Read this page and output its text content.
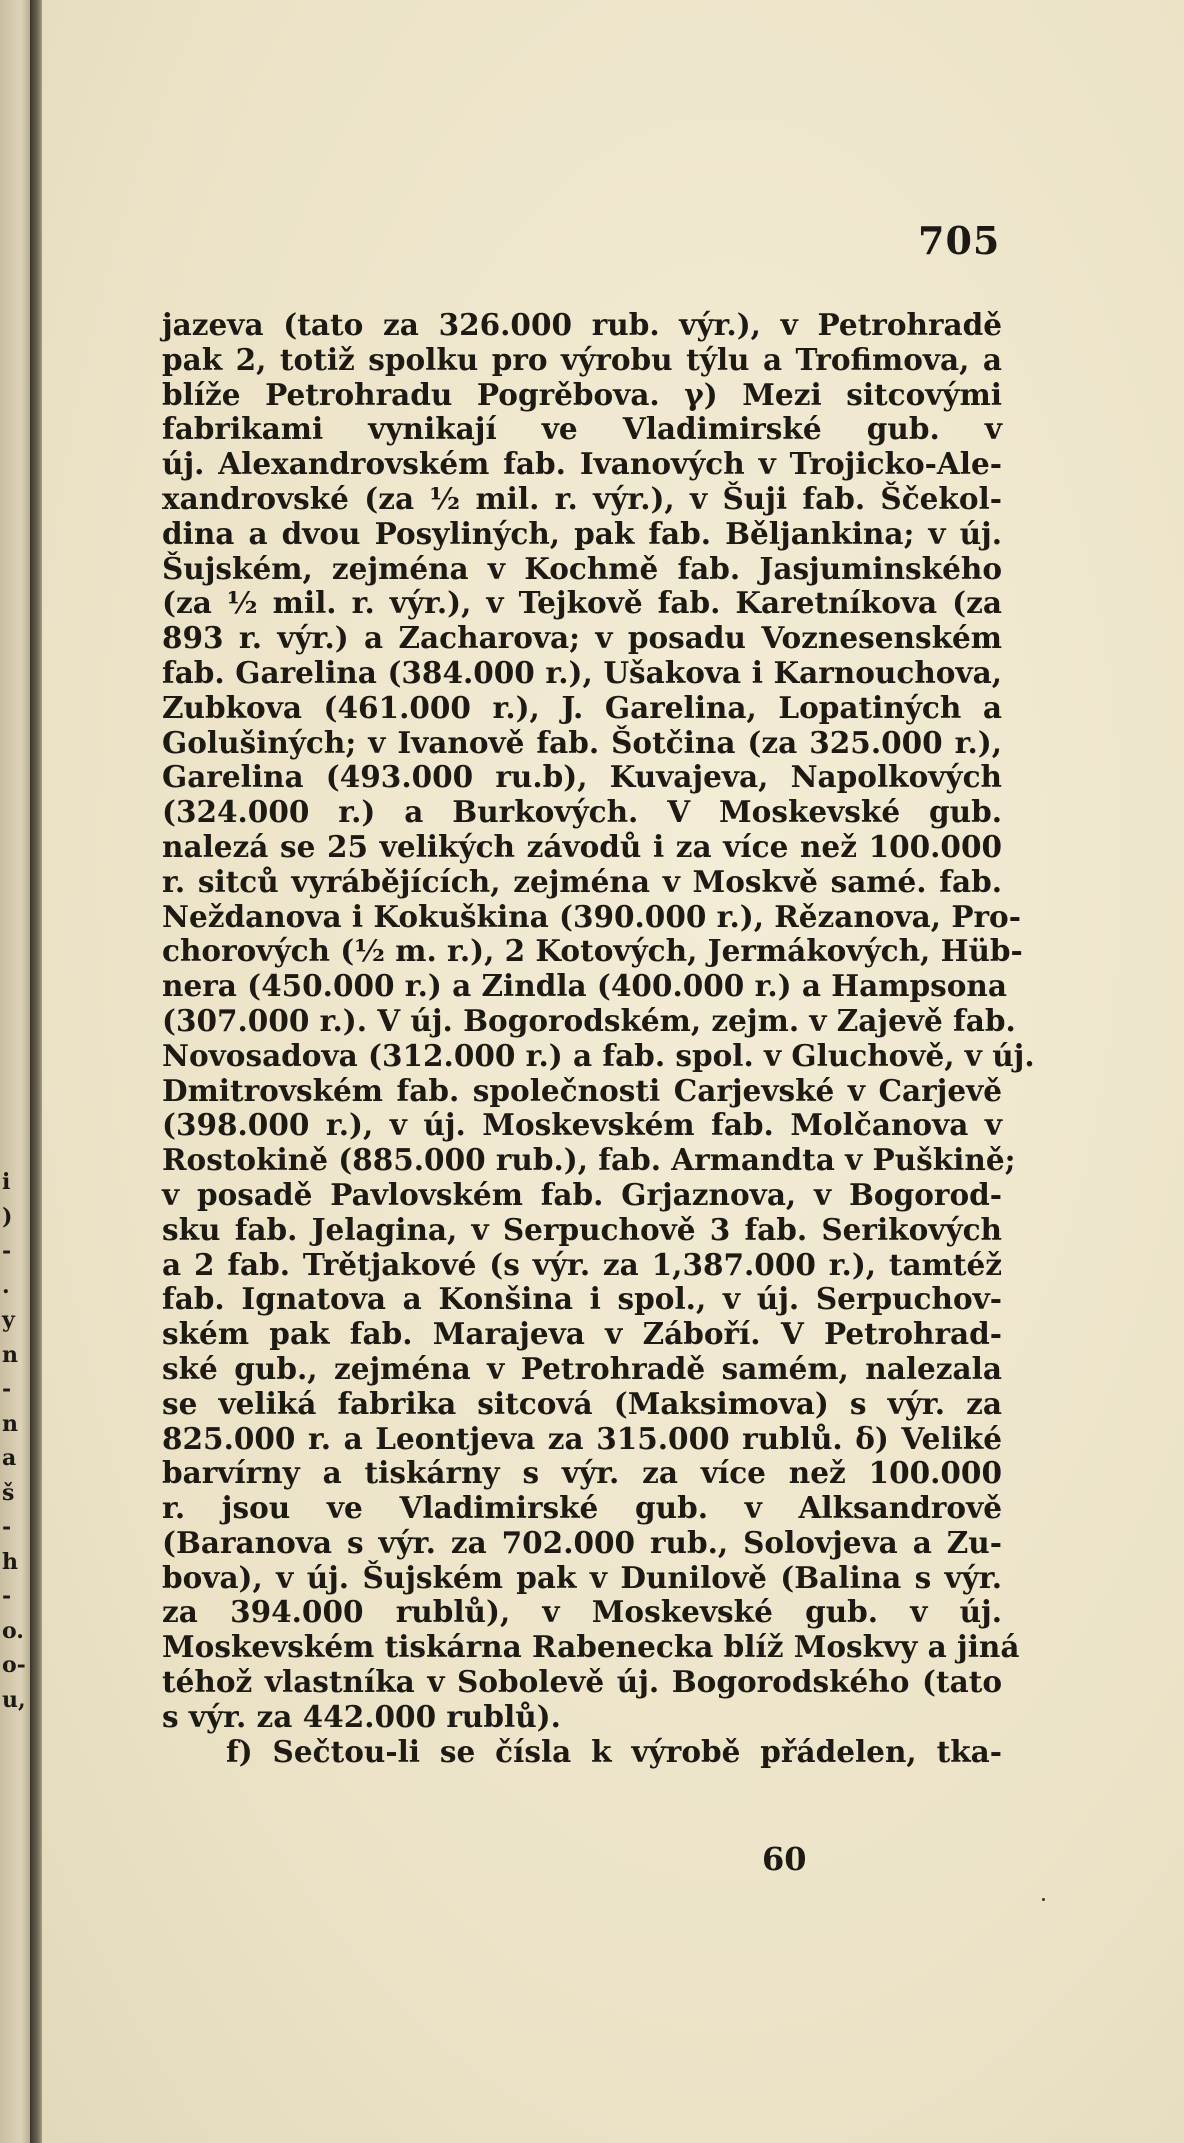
i
)
-
.
y
n
-
n
a
š
-
h
-
o.
o-
u,
705
jazeva (tato za 326.000 rub. výr.), v Petrohradě
pak 2, totiž spolku pro výrobu týlu a Trofimova, a
blíže Petrohradu Pogrěbova. γ) Mezi sitcovými
fabrikami vynikají ve Vladimirské gub. v
új. Alexandrovském fab. Ivanových v Trojicko-Ale-
xandrovské (za ½ mil. r. výr.), v Šuji fab. Ščekol-
dina a dvou Posyliných, pak fab. Běljankina; v új.
Šujském, zejména v Kochmě fab. Jasjuminského
(za ½ mil. r. výr.), v Tejkově fab. Karetníkova (za
893 r. výr.) a Zacharova; v posadu Voznesenském
fab. Garelina (384.000 r.), Ušakova i Karnouchova,
Zubkova (461.000 r.), J. Garelina, Lopatiných a
Golušiných; v Ivanově fab. Šotčina (za 325.000 r.),
Garelina (493.000 ru.b), Kuvajeva, Napolkových
(324.000 r.) a Burkových. V Moskevské gub.
nalezá se 25 velikých závodů i za více než 100.000
r. sitců vyrábějících, zejména v Moskvě samé. fab.
Neždanova i Kokuškina (390.000 r.), Rězanova, Pro-
chorových (½ m. r.), 2 Kotových, Jermákových, Hüb-
nera (450.000 r.) a Zindla (400.000 r.) a Hampsona
(307.000 r.). V új. Bogorodském, zejm. v Zajevě fab.
Novosadova (312.000 r.) a fab. spol. v Gluchově, v új.
Dmitrovském fab. společnosti Carjevské v Carjevě
(398.000 r.), v új. Moskevském fab. Molčanova v
Rostokině (885.000 rub.), fab. Armandta v Puškině;
v posadě Pavlovském fab. Grjaznova, v Bogorod-
sku fab. Jelagina, v Serpuchově 3 fab. Serikových
a 2 fab. Trětjakové (s výr. za 1,387.000 r.), tamtéž
fab. Ignatova a Konšina i spol., v új. Serpuchov-
ském pak fab. Marajeva v Záboří. V Petrohrad-
ské gub., zejména v Petrohradě samém, nalezala
se veliká fabrika sitcová (Maksimova) s výr. za
825.000 r. a Leontjeva za 315.000 rublů. δ) Veliké
barvírny a tiskárny s výr. za více než 100.000
r. jsou ve Vladimirské gub. v Alksandrově
(Baranova s výr. za 702.000 rub., Solovjeva a Zu-
bova), v új. Šujském pak v Dunilově (Balina s výr.
za 394.000 rublů), v Moskevské gub. v új.
Moskevském tiskárna Rabenecka blíž Moskvy a jiná
téhož vlastníka v Sobolevě új. Bogorodského (tato
s výr. za 442.000 rublů).
f) Sečtou-li se čísla k výrobě přádelen, tka-
60
